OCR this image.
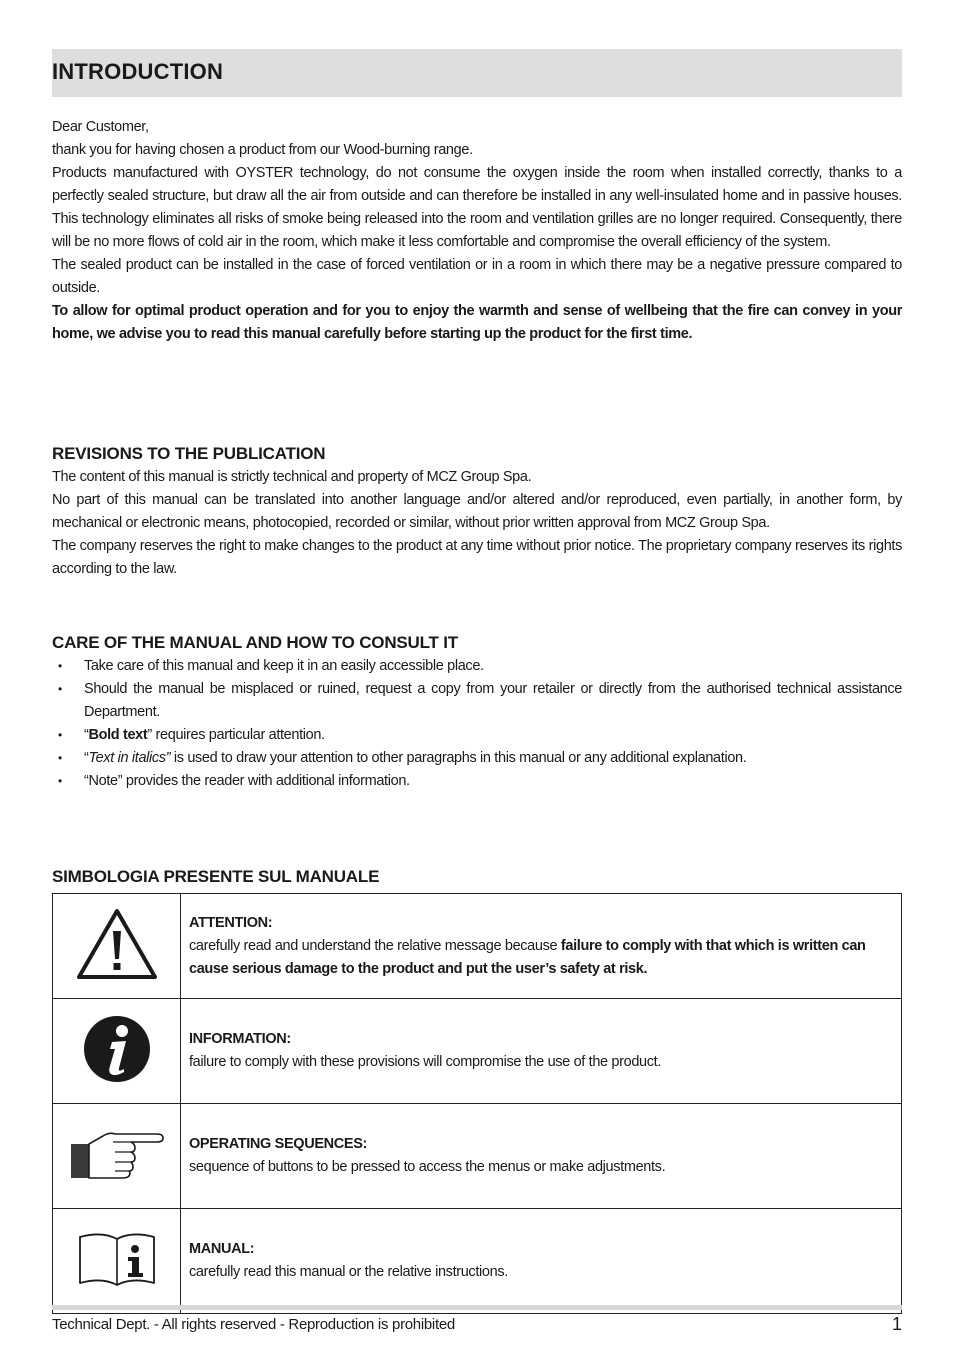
INTRODUCTION

Dear Customer,

thank you for having chosen a product from our Wood-burning range.

Products manufactured with OYSTER technology, do not consume the oxygen inside the room when installed correctly, thanks to a perfectly sealed structure, but draw all the air from outside and can therefore be installed in any well-insulated home and in passive houses. This technology eliminates all risks of smoke being released into the room and ventilation grilles are no longer required. Consequently, there will be no more flows of cold air in the room, which make it less comfortable and compromise the overall efficiency of the system.

The sealed product can be installed in the case of forced ventilation or in a room in which there may be a negative pressure compared to outside.

To allow for optimal product operation and for you to enjoy the warmth and sense of wellbeing that the fire can convey in your home, we advise you to read this manual carefully before starting up the product for the first time.

REVISIONS TO THE PUBLICATION

The content of this manual is strictly technical and property of MCZ Group Spa.

No part of this manual can be translated into another language and/or altered and/or reproduced, even partially, in another form, by mechanical or electronic means, photocopied, recorded or similar, without prior written approval from MCZ Group Spa.

The company reserves the right to make changes to the product at any time without prior notice. The proprietary company reserves its rights according to the law.

CARE OF THE MANUAL AND HOW TO CONSULT IT
• Take care of this manual and keep it in an easily accessible place.
• Should the manual be misplaced or ruined, request a copy from your retailer or directly from the authorised technical assistance Department.
• “Bold text” requires particular attention.
• “Text in italics” is used to draw your attention to other paragraphs in this manual or any additional explanation.
• “Note” provides the reader with additional information.
SIMBOLOGIA PRESENTE SUL MANUALE

ATTENTION:
carefully read and understand the relative message because failure to comply with that which is written can cause serious damage to the product and put the user’s safety at risk.

INFORMATION:
failure to comply with these provisions will compromise the use of the product.

OPERATING SEQUENCES:
sequence of buttons to be pressed to access the menus or make adjustments.

MANUAL:
carefully read this manual or the relative instructions.
Technical Dept. - All rights reserved - Reproduction is prohibited	1
